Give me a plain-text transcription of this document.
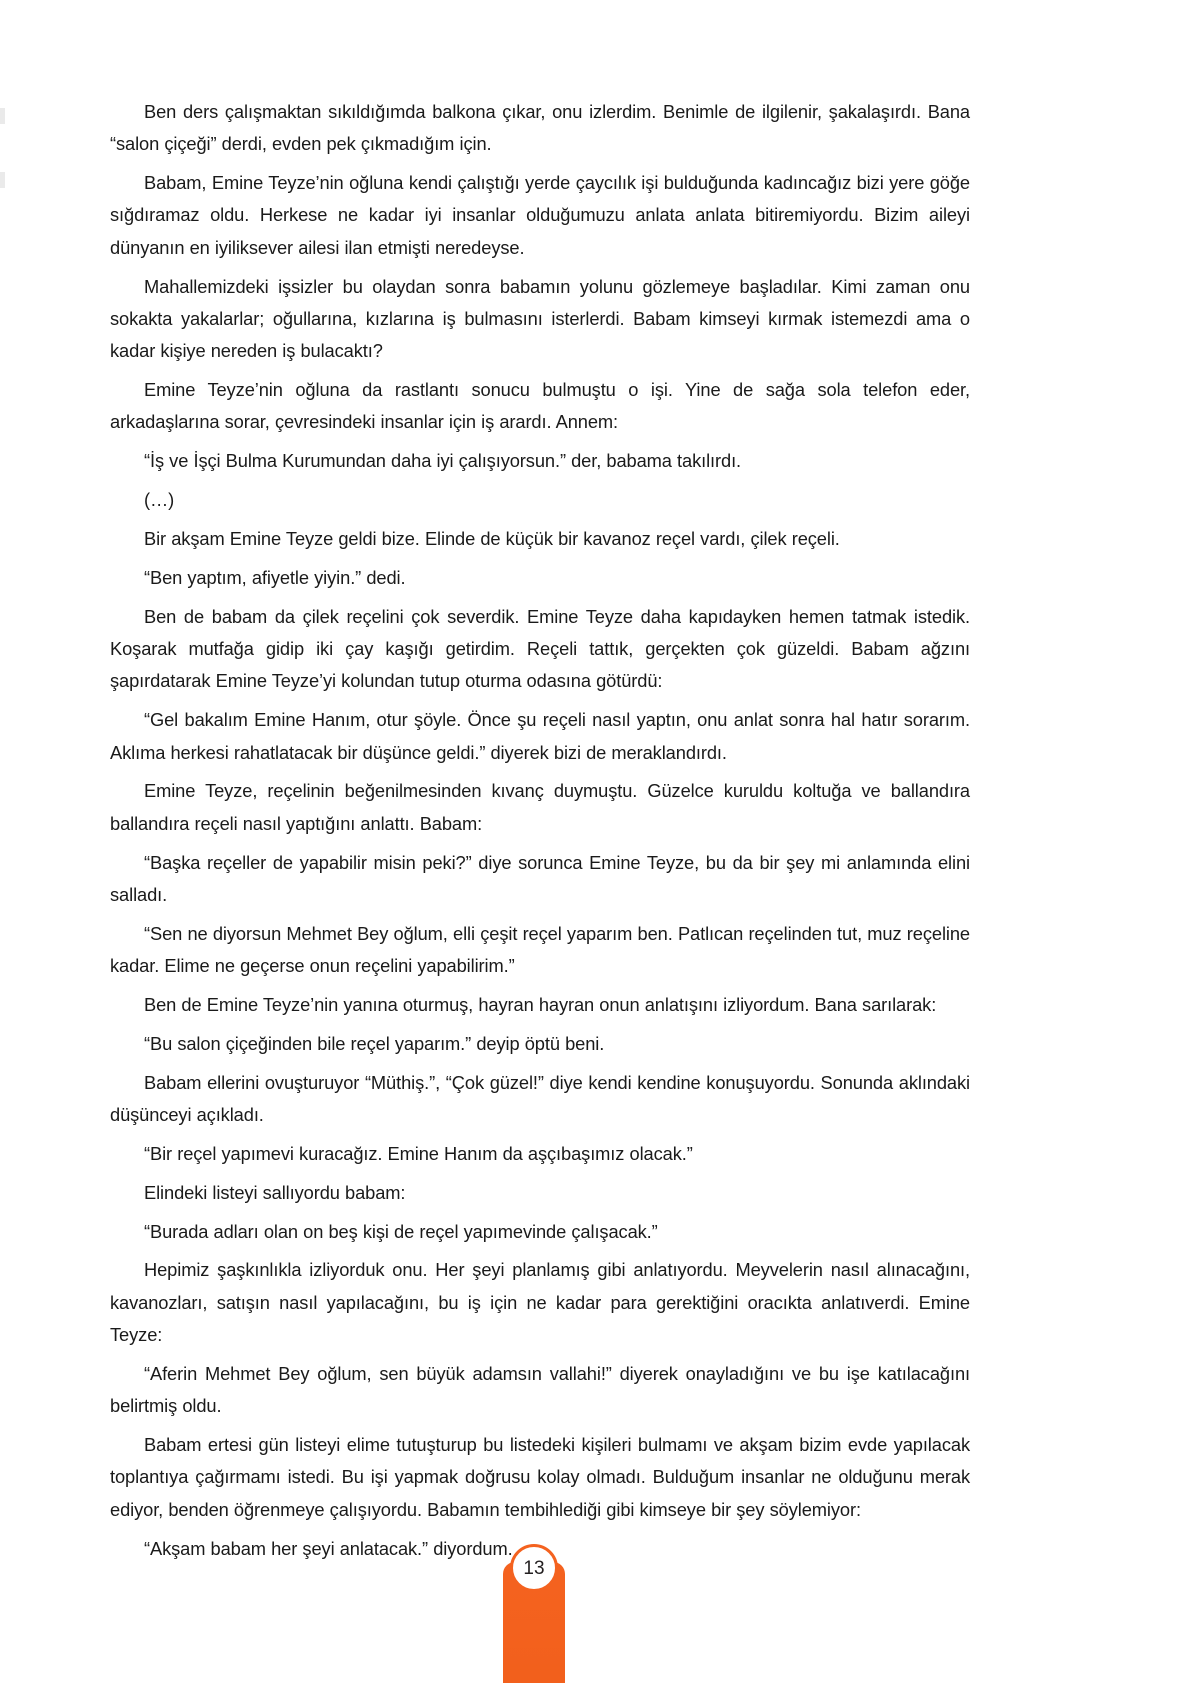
Ben ders çalışmaktan sıkıldığımda balkona çıkar, onu izlerdim. Benimle de ilgilenir, şakalaşırdı. Bana “salon çiçeği” derdi, evden pek çıkmadığım için.

Babam, Emine Teyze’nin oğluna kendi çalıştığı yerde çaycılık işi bulduğunda kadıncağız bizi yere göğe sığdıramaz oldu. Herkese ne kadar iyi insanlar olduğumuzu anlata anlata bitiremiyordu. Bizim aileyi dünyanın en iyiliksever ailesi ilan etmişti neredeyse.

Mahallemizdeki işsizler bu olaydan sonra babamın yolunu gözlemeye başladılar. Kimi zaman onu sokakta yakalarlar; oğullarına, kızlarına iş bulmasını isterlerdi. Babam kimseyi kırmak istemezdi ama o kadar kişiye nereden iş bulacaktı?

Emine Teyze’nin oğluna da rastlantı sonucu bulmuştu o işi. Yine de sağa sola telefon eder, arkadaşlarına sorar, çevresindeki insanlar için iş arardı. Annem:

“İş ve İşçi Bulma Kurumundan daha iyi çalışıyorsun.” der, babama takılırdı.

(…)

Bir akşam Emine Teyze geldi bize. Elinde de küçük bir kavanoz reçel vardı, çilek reçeli.

“Ben yaptım, afiyetle yiyin.” dedi.

Ben de babam da çilek reçelini çok severdik. Emine Teyze daha kapıdayken hemen tatmak istedik. Koşarak mutfağa gidip iki çay kaşığı getirdim. Reçeli tattık, gerçekten çok güzeldi. Babam ağzını şapırdatarak Emine Teyze’yi kolundan tutup oturma odasına götürdü:

“Gel bakalım Emine Hanım, otur şöyle. Önce şu reçeli nasıl yaptın, onu anlat sonra hal hatır sorarım. Aklıma herkesi rahatlatacak bir düşünce geldi.” diyerek bizi de meraklandırdı.

Emine Teyze, reçelinin beğenilmesinden kıvanç duymuştu. Güzelce kuruldu koltuğa ve ballandıra ballandıra reçeli nasıl yaptığını anlattı. Babam:

“Başka reçeller de yapabilir misin peki?” diye sorunca Emine Teyze, bu da bir şey mi anlamında elini salladı.

“Sen ne diyorsun Mehmet Bey oğlum, elli çeşit reçel yaparım ben. Patlıcan reçelinden tut, muz reçeline kadar. Elime ne geçerse onun reçelini yapabilirim.”

Ben de Emine Teyze’nin yanına oturmuş, hayran hayran onun anlatışını izliyordum. Bana sarılarak:

“Bu salon çiçeğinden bile reçel yaparım.” deyip öptü beni.

Babam ellerini ovuşturuyor “Müthiş.”, “Çok güzel!” diye kendi kendine konuşuyordu. Sonunda aklındaki düşünceyi açıkladı.

“Bir reçel yapımevi kuracağız. Emine Hanım da aşçıbaşımız olacak.”

Elindeki listeyi sallıyordu babam:

“Burada adları olan on beş kişi de reçel yapımevinde çalışacak.”

Hepimiz şaşkınlıkla izliyorduk onu. Her şeyi planlamış gibi anlatıyordu. Meyvelerin nasıl alınacağını, kavanozları, satışın nasıl yapılacağını, bu iş için ne kadar para gerektiğini oracıkta anlatıverdi. Emine Teyze:

“Aferin Mehmet Bey oğlum, sen büyük adamsın vallahi!” diyerek onayladığını ve bu işe katılacağını belirtmiş oldu.

Babam ertesi gün listeyi elime tutuşturup bu listedeki kişileri bulmamı ve akşam bizim evde yapılacak toplantıya çağırmamı istedi. Bu işi yapmak doğrusu kolay olmadı. Bulduğum insanlar ne olduğunu merak ediyor, benden öğrenmeye çalışıyordu. Babamın tembihlediği gibi kimseye bir şey söylemiyor:

“Akşam babam her şeyi anlatacak.” diyordum.

13
